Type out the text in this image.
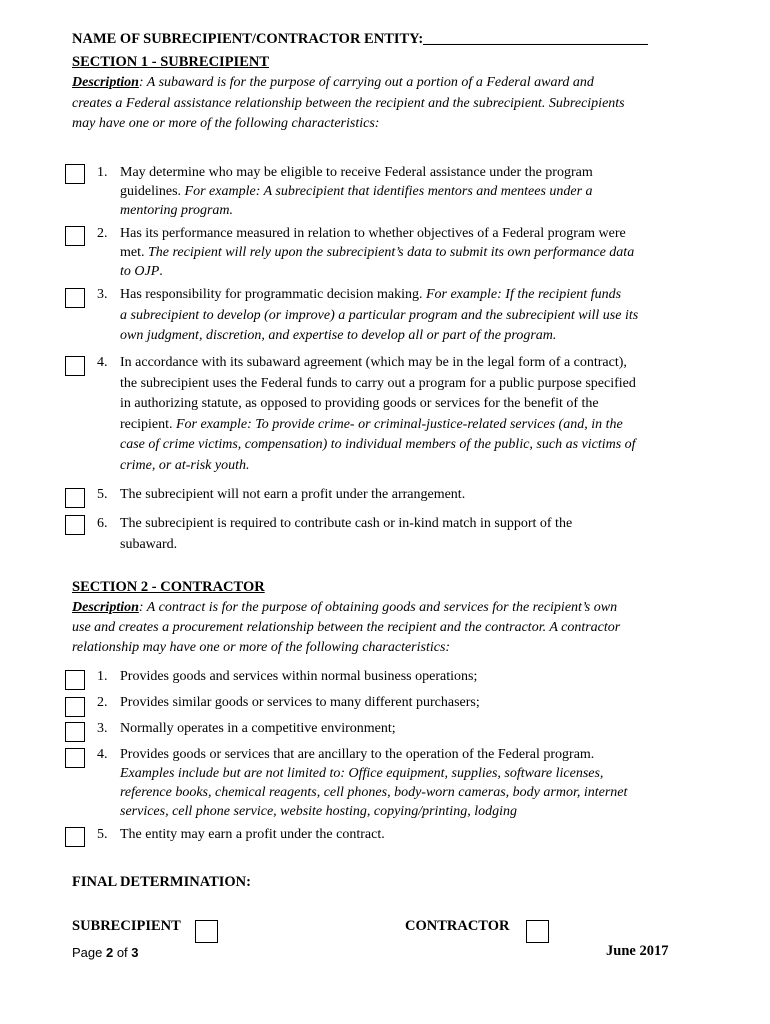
NAME OF SUBRECIPIENT/CONTRACTOR ENTITY:_______________________________
SECTION 1 - SUBRECIPIENT
Description: A subaward is for the purpose of carrying out a portion of a Federal award and
creates a Federal assistance relationship between the recipient and the subrecipient. Subrecipients
may have one or more of the following characteristics:
1. May determine who may be eligible to receive Federal assistance under the program
guidelines. For example: A subrecipient that identifies mentors and mentees under a
mentoring program.
2. Has its performance measured in relation to whether objectives of a Federal program were
met. The recipient will rely upon the subrecipient’s data to submit its own performance data
to OJP.
3. Has responsibility for programmatic decision making. For example: If the recipient funds
a subrecipient to develop (or improve) a particular program and the subrecipient will use its
own judgment, discretion, and expertise to develop all or part of the program.
4. In accordance with its subaward agreement (which may be in the legal form of a contract),
the subrecipient uses the Federal funds to carry out a program for a public purpose specified
in authorizing statute, as opposed to providing goods or services for the benefit of the
recipient. For example: To provide crime- or criminal-justice-related services (and, in the
case of crime victims, compensation) to individual members of the public, such as victims of
crime, or at-risk youth.
5. The subrecipient will not earn a profit under the arrangement.
6. The subrecipient is required to contribute cash or in-kind match in support of the
subaward.
SECTION 2 - CONTRACTOR
Description: A contract is for the purpose of obtaining goods and services for the recipient’s own
use and creates a procurement relationship between the recipient and the contractor. A contractor
relationship may have one or more of the following characteristics:
1. Provides goods and services within normal business operations;
2. Provides similar goods or services to many different purchasers;
3. Normally operates in a competitive environment;
4. Provides goods or services that are ancillary to the operation of the Federal program.
Examples include but are not limited to: Office equipment, supplies, software licenses,
reference books, chemical reagents, cell phones, body-worn cameras, body armor, internet
services, cell phone service, website hosting, copying/printing, lodging
5. The entity may earn a profit under the contract.
FINAL DETERMINATION:
SUBRECIPIENT	CONTRACTOR
Page 2 of 3	June 2017
